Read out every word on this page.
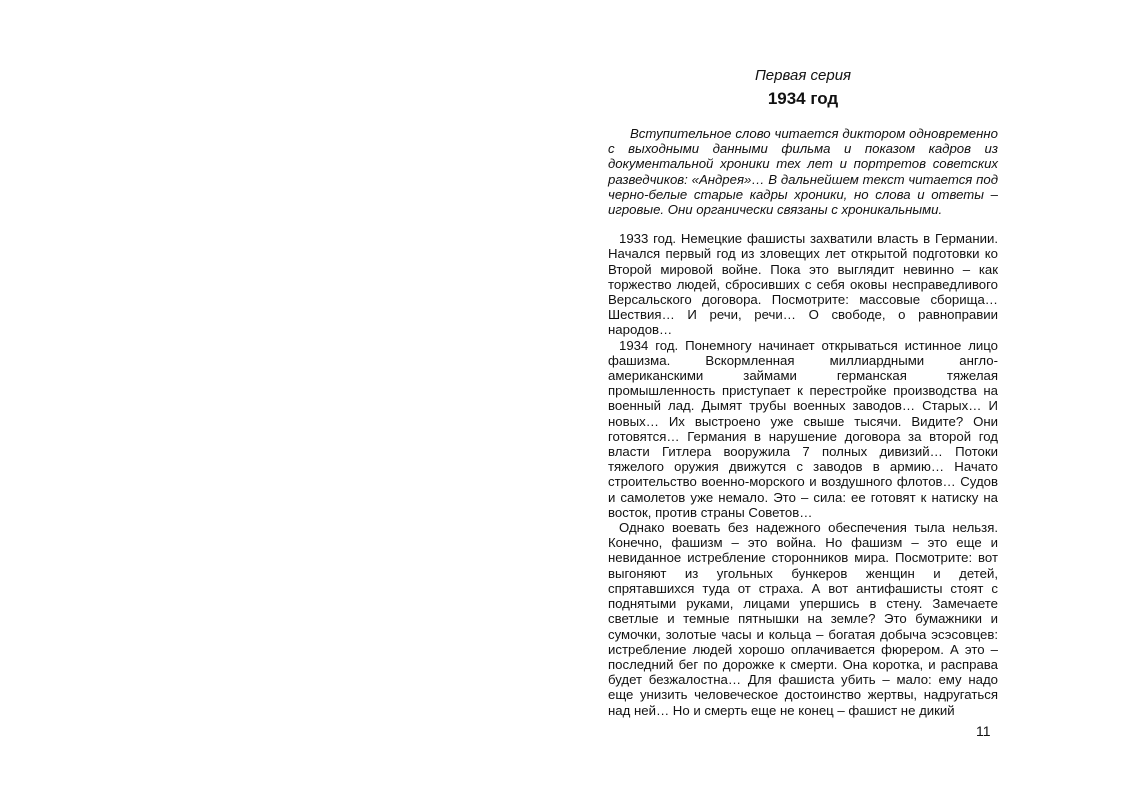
Первая серия

1934 год

Вступительное слово читается диктором одновременно с выходными данными фильма и показом кадров из документальной хроники тех лет и портретов советских разведчиков: «Андрея»… В дальнейшем текст читается под черно-белые старые кадры хроники, но слова и ответы – игровые. Они органически связаны с хроникальными.

1933 год. Немецкие фашисты захватили власть в Германии. Начался первый год из зловещих лет открытой подготовки ко Второй мировой войне. Пока это выглядит невинно – как торжество людей, сбросивших с себя оковы несправедливого Версальского договора. Посмотрите: массовые сборища… Шествия… И речи, речи… О свободе, о равноправии народов…

1934 год. Понемногу начинает открываться истинное лицо фашизма. Вскормленная миллиардными англо-американскими займами германская тяжелая промышленность приступает к перестройке производства на военный лад. Дымят трубы военных заводов… Старых… И новых… Их выстроено уже свыше тысячи. Видите? Они готовятся… Германия в нарушение договора за второй год власти Гитлера вооружила 7 полных дивизий… Потоки тяжелого оружия движутся с заводов в армию… Начато строительство военно-морского и воздушного флотов… Судов и самолетов уже немало. Это – сила: ее готовят к натиску на восток, против страны Советов…

Однако воевать без надежного обеспечения тыла нельзя. Конечно, фашизм – это война. Но фашизм – это еще и невиданное истребление сторонников мира. Посмотрите: вот выгоняют из угольных бункеров женщин и детей, спрятавшихся туда от страха. А вот антифашисты стоят с поднятыми руками, лицами упершись в стену. Замечаете светлые и темные пятнышки на земле? Это бумажники и сумочки, золотые часы и кольца – богатая добыча эсэсовцев: истребление людей хорошо оплачивается фюрером. А это – последний бег по дорожке к смерти. Она коротка, и расправа будет безжалостна… Для фашиста убить – мало: ему надо еще унизить человеческое достоинство жертвы, надругаться над ней… Но и смерть еще не конец – фашист не дикий

11
